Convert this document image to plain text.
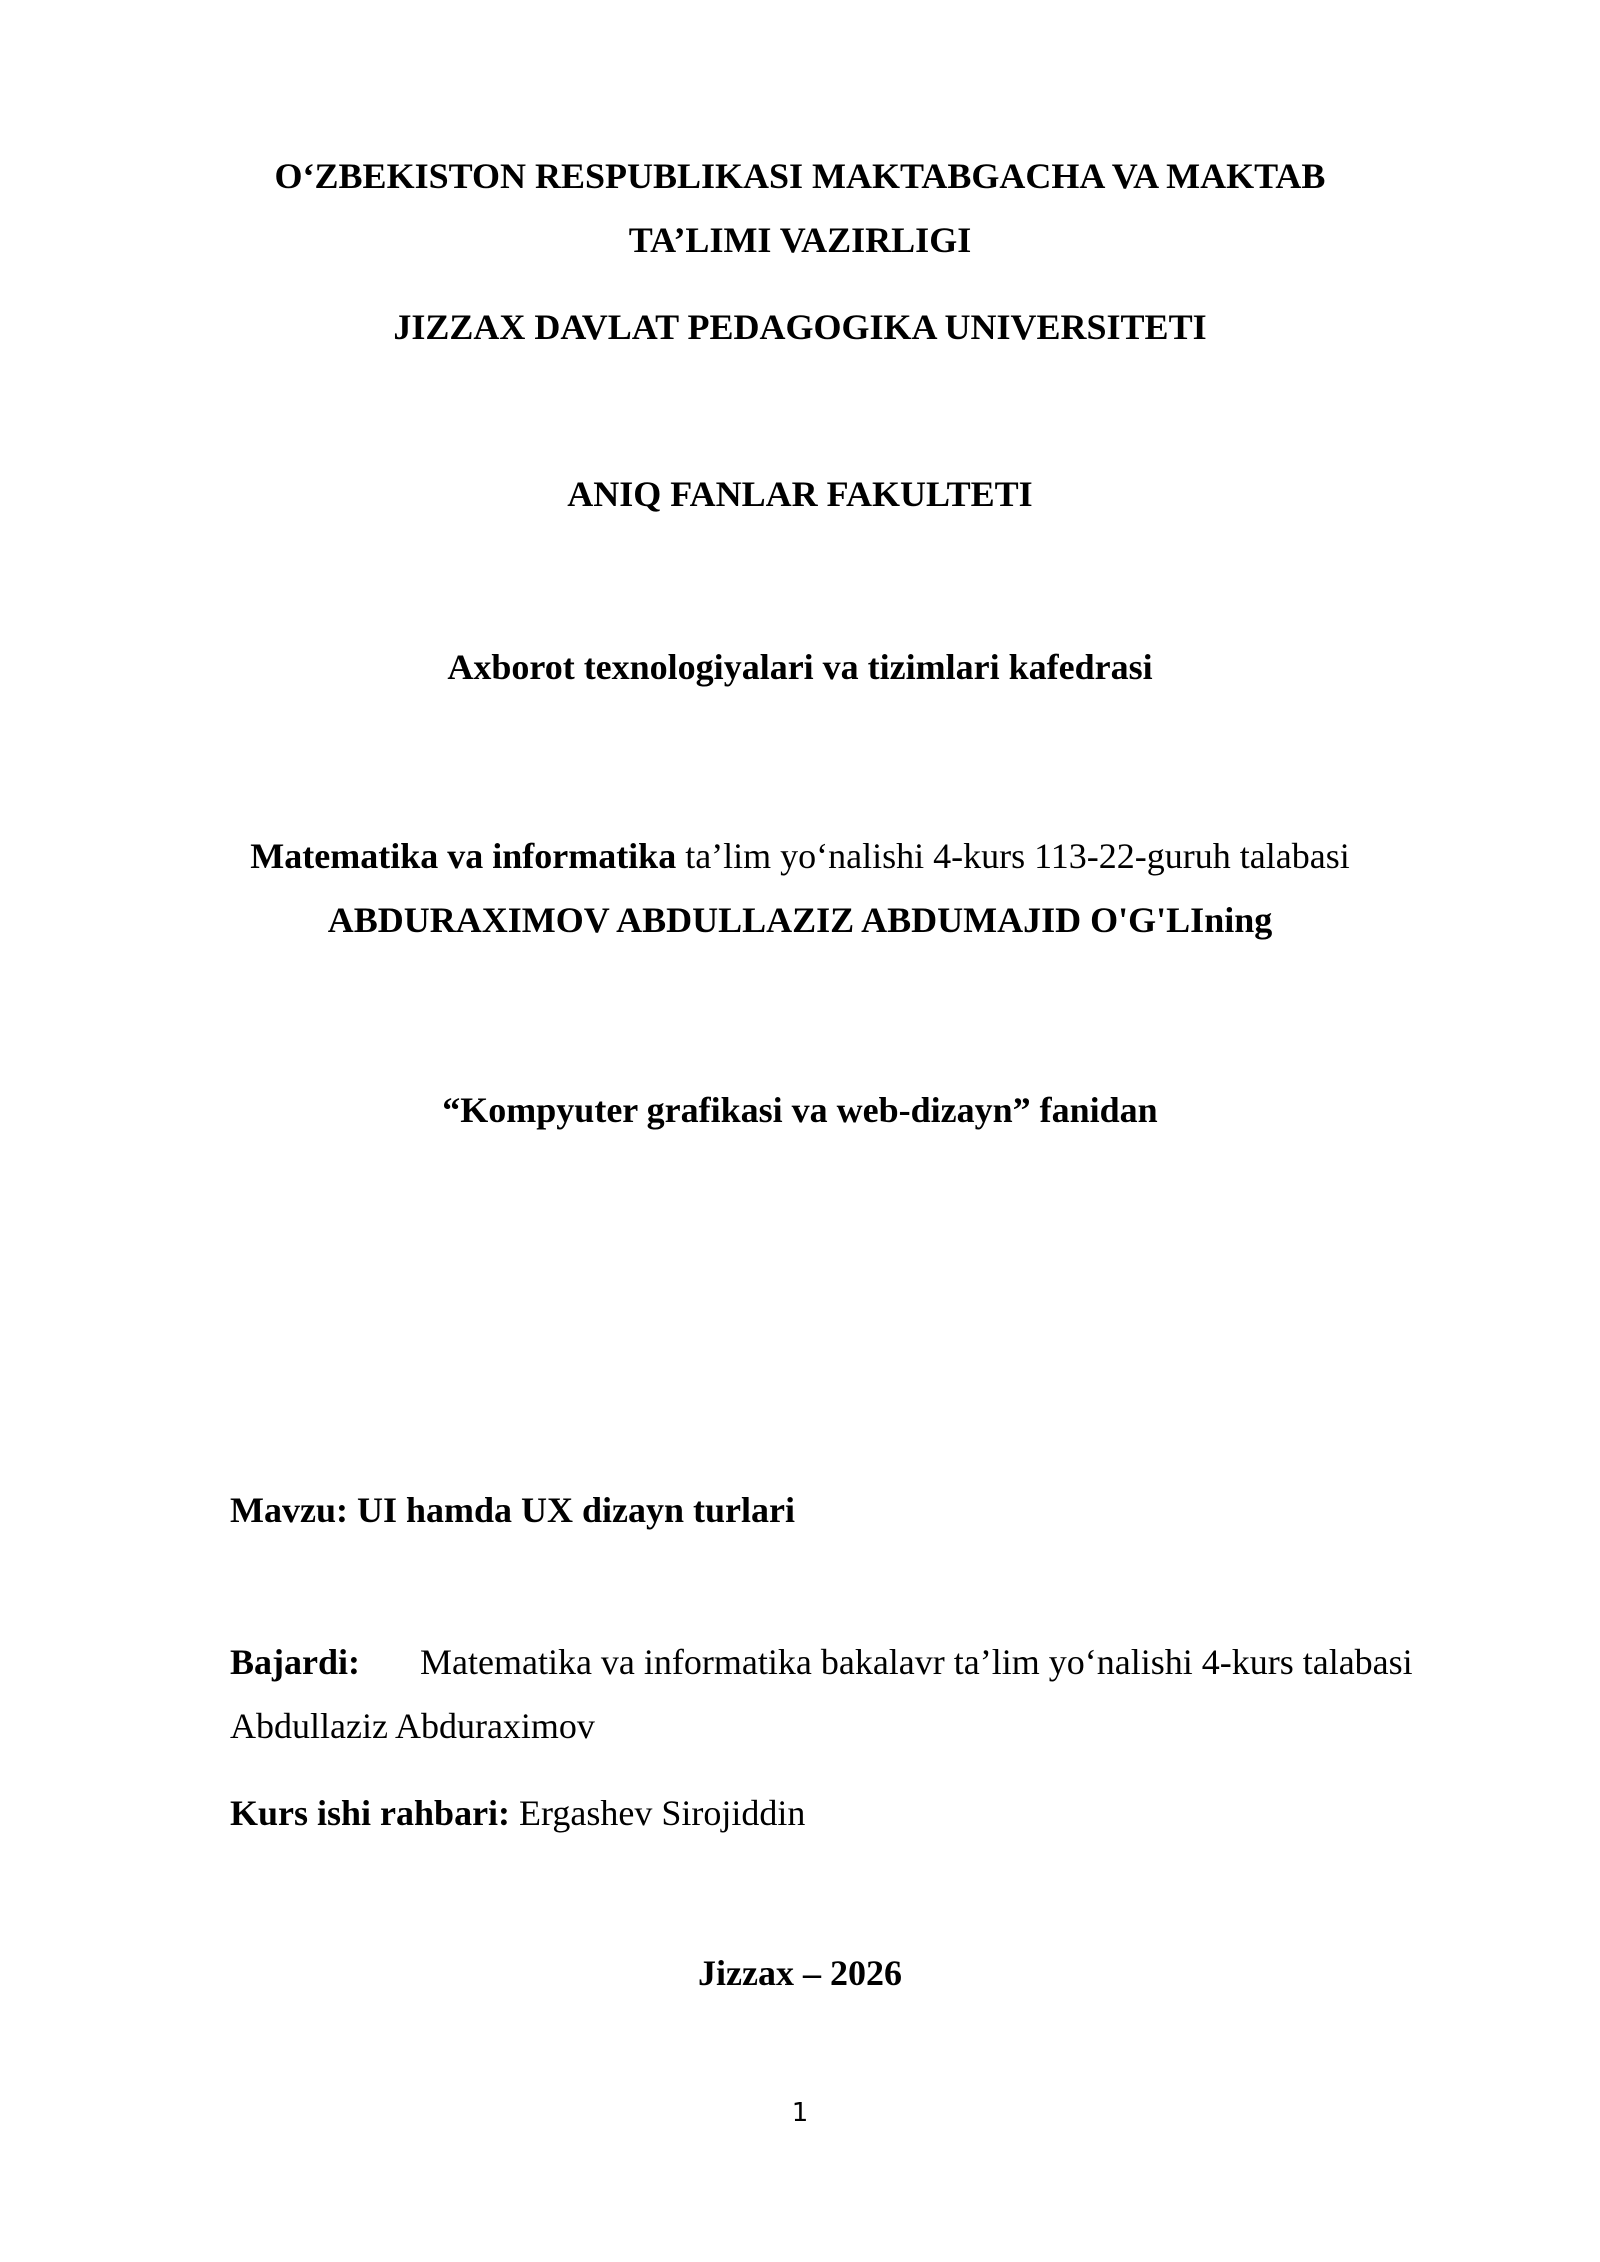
O‘ZBEKISTON RESPUBLIKASI MAKTABGACHA VA MAKTAB
TA’LIMI VAZIRLIGI
JIZZAX DAVLAT PEDAGOGIKA UNIVERSITETI
ANIQ FANLAR FAKULTETI
Axborot texnologiyalari va tizimlari kafedrasi
Matematika va informatika ta’lim yo‘nalishi 4-kurs 113-22-guruh talabasi
ABDURAXIMOV ABDULLAZIZ ABDUMAJID O'G'LIning
“Kompyuter grafikasi va web-dizayn” fanidan
Mavzu: UI hamda UX dizayn turlari
Bajardi: Matematika va informatika bakalavr ta’lim yo‘nalishi 4-kurs talabasi
Abdullaziz Abduraximov
Kurs ishi rahbari: Ergashev Sirojiddin
Jizzax – 2026
1
